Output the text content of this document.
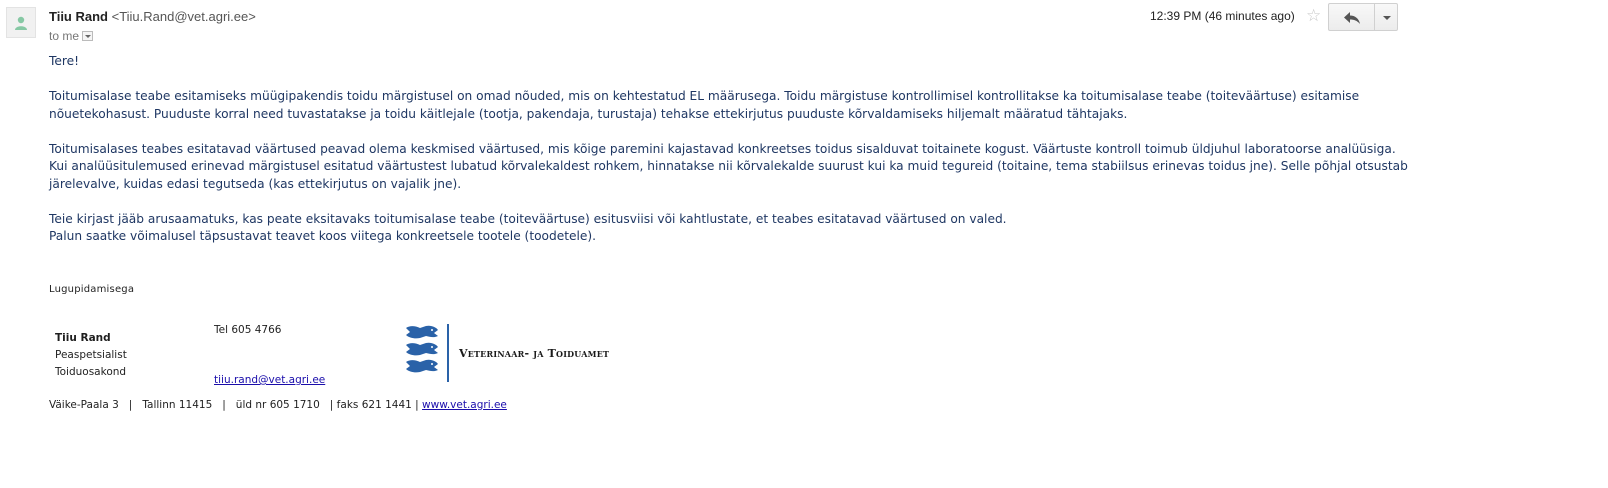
Tiiu Rand <Tiiu.Rand@vet.agri.ee>
to me
12:39 PM (46 minutes ago) ☆

Tere!

Toitumisalase teabe esitamiseks müügipakendis toidu märgistusel on omad nõuded, mis on kehtestatud EL määrusega. Toidu märgistuse kontrollimisel kontrollitakse ka toitumisalase teabe (toiteväärtuse) esitamise nõuetekohasust. Puuduste korral need tuvastatakse ja toidu käitlejale (tootja, pakendaja, turustaja) tehakse ettekirjutus puuduste kõrvaldamiseks hiljemalt määratud tähtajaks.

Toitumisalases teabes esitatavad väärtused peavad olema keskmised väärtused, mis kõige paremini kajastavad konkreetses toidus sisalduvat toitainete kogust. Väärtuste kontroll toimub üldjuhul laboratoorse analüüsiga. Kui analüüsitulemused erinevad märgistusel esitatud väärtustest lubatud kõrvalekaldest rohkem, hinnatakse nii kõrvalekalde suurust kui ka muid tegureid (toitaine, tema stabiilsus erinevas toidus jne). Selle põhjal otsustab järelevalve, kuidas edasi tegutseda (kas ettekirjutus on vajalik jne).

Teie kirjast jääb arusaamatuks, kas peate eksitavaks toitumisalase teabe (toiteväärtuse) esitusviisi või kahtlustate, et teabes esitatavad väärtused on valed.
Palun saatke võimalusel täpsustavat teavet koos viitega konkreetsele tootele (toodetele).
Lugupidamisega
Tiiu Rand
Peaspetsialist
Toiduosakond
Tel 605 4766
tiiu.rand@vet.agri.ee
Veterinaar- ja Toiduamet
Väike-Paala 3   |   Tallinn 11415   |   üld nr 605 1710   | faks 621 1441 | www.vet.agri.ee
